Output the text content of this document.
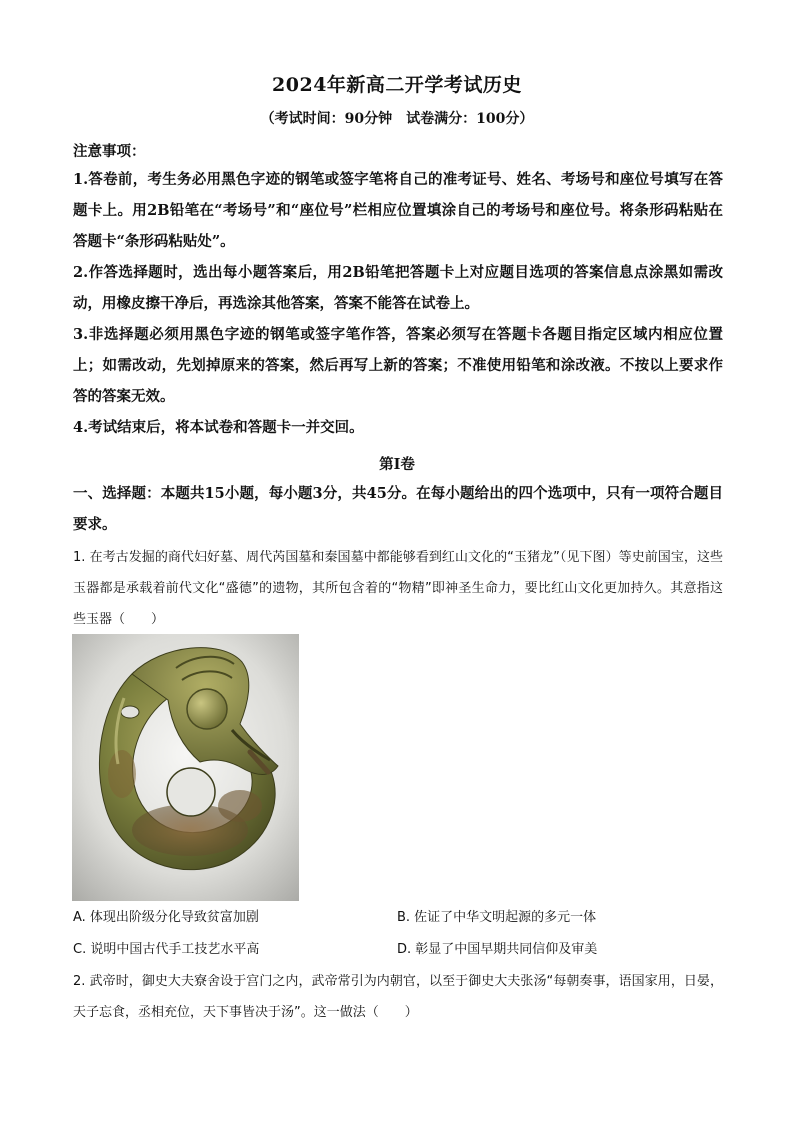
2024年新高二开学考试历史
（考试时间：90分钟　试卷满分：100分）
注意事项：
1.答卷前，考生务必用黑色字迹的钢笔或签字笔将自己的准考证号、姓名、考场号和座位号填写在答题卡上。用2B铅笔在“考场号”和“座位号”栏相应位置填涂自己的考场号和座位号。将条形码粘贴在答题卡“条形码粘贴处”。
2.作答选择题时，选出每小题答案后，用2B铅笔把答题卡上对应题目选项的答案信息点涂黑如需改动，用橡皮擦干净后，再选涂其他答案，答案不能答在试卷上。
3.非选择题必须用黑色字迹的钢笔或签字笔作答，答案必须写在答题卡各题目指定区域内相应位置上；如需改动，先划掉原来的答案，然后再写上新的答案；不准使用铅笔和涂改液。不按以上要求作答的答案无效。
4.考试结束后，将本试卷和答题卡一并交回。
第Ⅰ卷
一、选择题：本题共15小题，每小题3分，共45分。在每小题给出的四个选项中，只有一项符合题目要求。
1. 在考古发掘的商代妇好墓、周代芮国墓和秦国墓中都能够看到红山文化的“玉猪龙”（见下图）等史前国宝，这些玉器都是承载着前代文化“盛德”的遗物，其所包含着的“物精”即神圣生命力，要比红山文化更加持久。其意指这些玉器（　　）
A. 体现出阶级分化导致贫富加剧	B. 佐证了中华文明起源的多元一体
C. 说明中国古代手工技艺水平高	D. 彰显了中国早期共同信仰及审美
2. 武帝时，御史大夫寮舍设于宫门之内，武帝常引为内朝官，以至于御史大夫张汤“每朝奏事，语国家用，日晏，天子忘食，丞相充位，天下事皆决于汤”。这一做法（　　）
